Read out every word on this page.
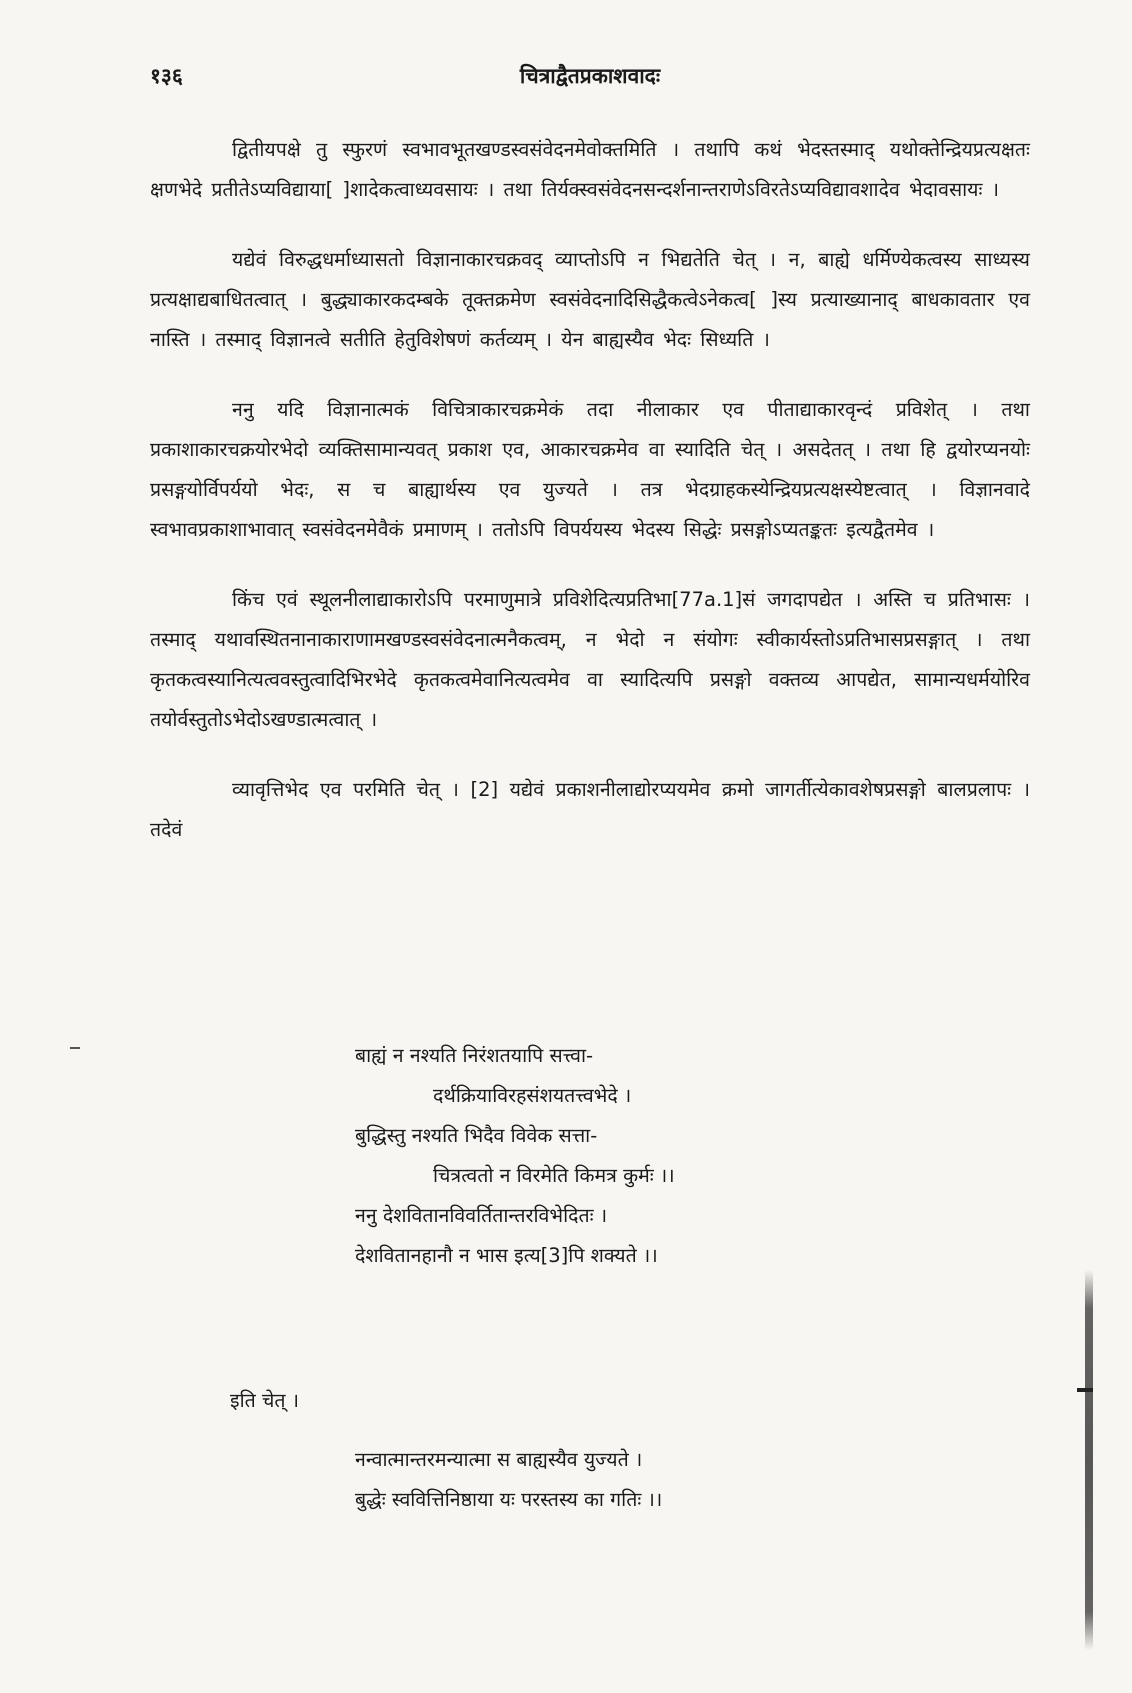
१३६	चित्राद्वैतप्रकाशवादः

द्वितीयपक्षे तु स्फुरणं स्वभावभूतखण्डस्वसंवेदनमेवोक्तमिति । तथापि कथं भेदस्तस्माद् यथोक्तेन्द्रियप्रत्यक्षतः क्षणभेदे प्रतीतेऽप्यविद्याया[ ]शादेकत्वाध्यवसायः । तथा तिर्यक्स्वसंवेदनसन्दर्शनान्तराणेऽविरतेऽप्यविद्यावशादेव भेदावसायः ।

यद्येवं विरुद्धधर्माध्यासतो विज्ञानाकारचक्रवद् व्याप्तोऽपि न भिद्यतेति चेत् । न, बाह्ये धर्मिण्येकत्वस्य साध्यस्य प्रत्यक्षाद्यबाधितत्वात् । बुद्ध्याकारकदम्बके तूक्तक्रमेण स्वसंवेदनादिसिद्धैकत्वेऽनेकत्व[ ]स्य प्रत्याख्यानाद् बाधकावतार एव नास्ति । तस्माद् विज्ञानत्वे सतीति हेतुविशेषणं कर्तव्यम् । येन बाह्यस्यैव भेदः सिध्यति ।

ननु यदि विज्ञानात्मकं विचित्राकारचक्रमेकं तदा नीलाकार एव पीताद्याकारवृन्दं प्रविशेत् । तथा प्रकाशाकारचक्रयोरभेदो व्यक्तिसामान्यवत् प्रकाश एव, आकारचक्रमेव वा स्यादिति चेत् । असदेतत् । तथा हि द्वयोरप्यनयोः प्रसङ्गयोर्विपर्ययो भेदः, स च बाह्यार्थस्य एव युज्यते । तत्र भेदग्राहकस्येन्द्रियप्रत्यक्षस्येष्टत्वात् । विज्ञानवादे स्वभावप्रकाशाभावात् स्वसंवेदनमेवैकं प्रमाणम् । ततोऽपि विपर्ययस्य भेदस्य सिद्धेः प्रसङ्गोऽप्यतङ्कतः इत्यद्वैतमेव ।

किंच एवं स्थूलनीलाद्याकारोऽपि परमाणुमात्रे प्रविशेदित्यप्रतिभा[77a.1]सं जगदापद्येत । अस्ति च प्रतिभासः । तस्माद् यथावस्थितनानाकाराणामखण्डस्वसंवेदनात्मनैकत्वम्, न भेदो न संयोगः स्वीकार्यस्तोऽप्रतिभासप्रसङ्गात् । तथा कृतकत्वस्यानित्यत्ववस्तुत्वादिभिरभेदे कृतकत्वमेवानित्यत्वमेव वा स्यादित्यपि प्रसङ्गो वक्तव्य आपद्येत, सामान्यधर्मयोरिव तयोर्वस्तुतोऽभेदोऽखण्डात्मत्वात् ।

व्यावृत्तिभेद एव परमिति चेत् । [2] यद्येवं प्रकाशनीलाद्योरप्ययमेव क्रमो जागर्तीत्येकावशेषप्रसङ्गो बालप्रलापः । तदेवं

बाह्यं न नश्यति निरंशतयापि सत्त्वा-
दर्थक्रियाविरहसंशयतत्त्वभेदे ।
बुद्धिस्तु नश्यति भिदैव विवेक सत्ता-
चित्रत्वतो न विरमेति किमत्र कुर्मः ।।
ननु देशवितानविवर्तितान्तरविभेदितः ।
देशवितानहानौ न भास इत्य[3]पि शक्यते ।।
इति चेत् ।
नन्वात्मान्तरमन्यात्मा स बाह्यस्यैव युज्यते ।
बुद्धेः स्ववित्तिनिष्ठाया यः परस्तस्य का गतिः ।।
